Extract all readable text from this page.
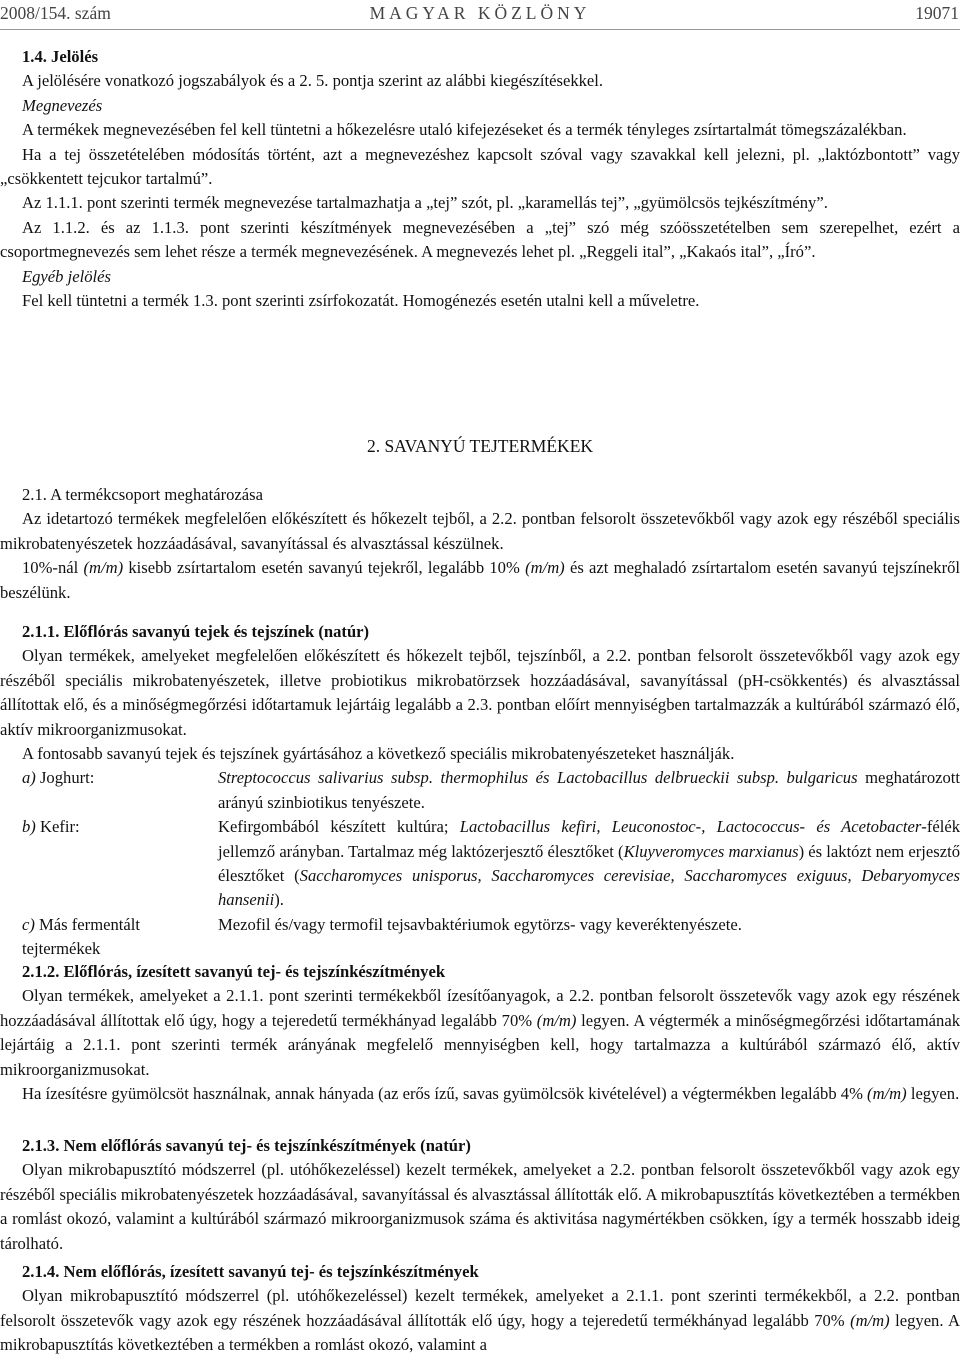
2008/154. szám	MAGYAR KÖZLÖNY	19071

1.4. Jelölés

A jelölésére vonatkozó jogszabályok és a 2. 5. pontja szerint az alábbi kiegészítésekkel.

Megnevezés

A termékek megnevezésében fel kell tüntetni a hőkezelésre utaló kifejezéseket és a termék tényleges zsírtartalmát tömegszázalékban.

Ha a tej összetételében módosítás történt, azt a megnevezéshez kapcsolt szóval vagy szavakkal kell jelezni, pl. „laktózbontott” vagy „csökkentett tejcukor tartalmú”.

Az 1.1.1. pont szerinti termék megnevezése tartalmazhatja a „tej” szót, pl. „karamellás tej”, „gyümölcsös tejkészítmény”.

Az 1.1.2. és az 1.1.3. pont szerinti készítmények megnevezésében a „tej” szó még szóösszetételben sem szerepelhet, ezért a csoportmegnevezés sem lehet része a termék megnevezésének. A megnevezés lehet pl. „Reggeli ital”, „Kakaós ital”, „Író”.

Egyéb jelölés

Fel kell tüntetni a termék 1.3. pont szerinti zsírfokozatát. Homogénezés esetén utalni kell a műveletre.

2. SAVANYÚ TEJTERMÉKEK

2.1. A termékcsoport meghatározása

Az idetartozó termékek megfelelően előkészített és hőkezelt tejből, a 2.2. pontban felsorolt összetevőkből vagy azok egy részéből speciális mikrobatenyészetek hozzáadásával, savanyítással és alvasztással készülnek.

10%-nál (m/m) kisebb zsírtartalom esetén savanyú tejekről, legalább 10% (m/m) és azt meghaladó zsírtartalom esetén savanyú tejszínekről beszélünk.

2.1.1. Előflórás savanyú tejek és tejszínek (natúr)

Olyan termékek, amelyeket megfelelően előkészített és hőkezelt tejből, tejszínből, a 2.2. pontban felsorolt összetevőkből vagy azok egy részéből speciális mikrobatenyészetek, illetve probiotikus mikrobatörzsek hozzáadásával, savanyítással (pH-csökkentés) és alvasztással állítottak elő, és a minőségmegőrzési időtartamuk lejártáig legalább a 2.3. pontban előírt mennyiségben tartalmazzák a kultúrából származó élő, aktív mikroorganizmusokat.

A fontosabb savanyú tejek és tejszínek gyártásához a következő speciális mikrobatenyészeteket használják.

a) Joghurt:	Streptococcus salivarius subsp. thermophilus és Lactobacillus delbrueckii subsp. bulgaricus meghatározott arányú szinbiotikus tenyészete.
b) Kefir:	Kefirgombából készített kultúra; Lactobacillus kefiri, Leuconostoc-, Lactococcus- és Acetobacter-félék jellemző arányban. Tartalmaz még laktózerjesztő élesztőket (Kluyveromyces marxianus) és laktózt nem erjesztő élesztőket (Saccharomyces unisporus, Saccharomyces cerevisiae, Saccharomyces exiguus, Debaryomyces hansenii).
c) Más fermentált tejtermékek
Mezofil és/vagy termofil tejsavbaktériumok egytörzs- vagy keveréktenyészete.

2.1.2. Előflórás, ízesített savanyú tej- és tejszínkészítmények

Olyan termékek, amelyeket a 2.1.1. pont szerinti termékekből ízesítőanyagok, a 2.2. pontban felsorolt összetevők vagy azok egy részének hozzáadásával állítottak elő úgy, hogy a tejeredetű termékhányad legalább 70% (m/m) legyen. A végtermék a minőségmegőrzési időtartamának lejártáig a 2.1.1. pont szerinti termék arányának megfelelő mennyiségben kell, hogy tartalmazza a kultúrából származó élő, aktív mikroorganizmusokat.

Ha ízesítésre gyümölcsöt használnak, annak hányada (az erős ízű, savas gyümölcsök kivételével) a végtermékben legalább 4% (m/m) legyen.

2.1.3. Nem előflórás savanyú tej- és tejszínkészítmények (natúr)

Olyan mikrobapusztító módszerrel (pl. utóhőkezeléssel) kezelt termékek, amelyeket a 2.2. pontban felsorolt összetevőkből vagy azok egy részéből speciális mikrobatenyészetek hozzáadásával, savanyítással és alvasztással állították elő. A mikrobapusztítás következtében a termékben a romlást okozó, valamint a kultúrából származó mikroorganizmusok száma és aktivitása nagymértékben csökken, így a termék hosszabb ideig tárolható.

2.1.4. Nem előflórás, ízesített savanyú tej- és tejszínkészítmények

Olyan mikrobapusztító módszerrel (pl. utóhőkezeléssel) kezelt termékek, amelyeket a 2.1.1. pont szerinti termékekből, a 2.2. pontban felsorolt összetevők vagy azok egy részének hozzáadásával állították elő úgy, hogy a tejeredetű termékhányad legalább 70% (m/m) legyen. A mikrobapusztítás következtében a termékben a romlást okozó, valamint a
